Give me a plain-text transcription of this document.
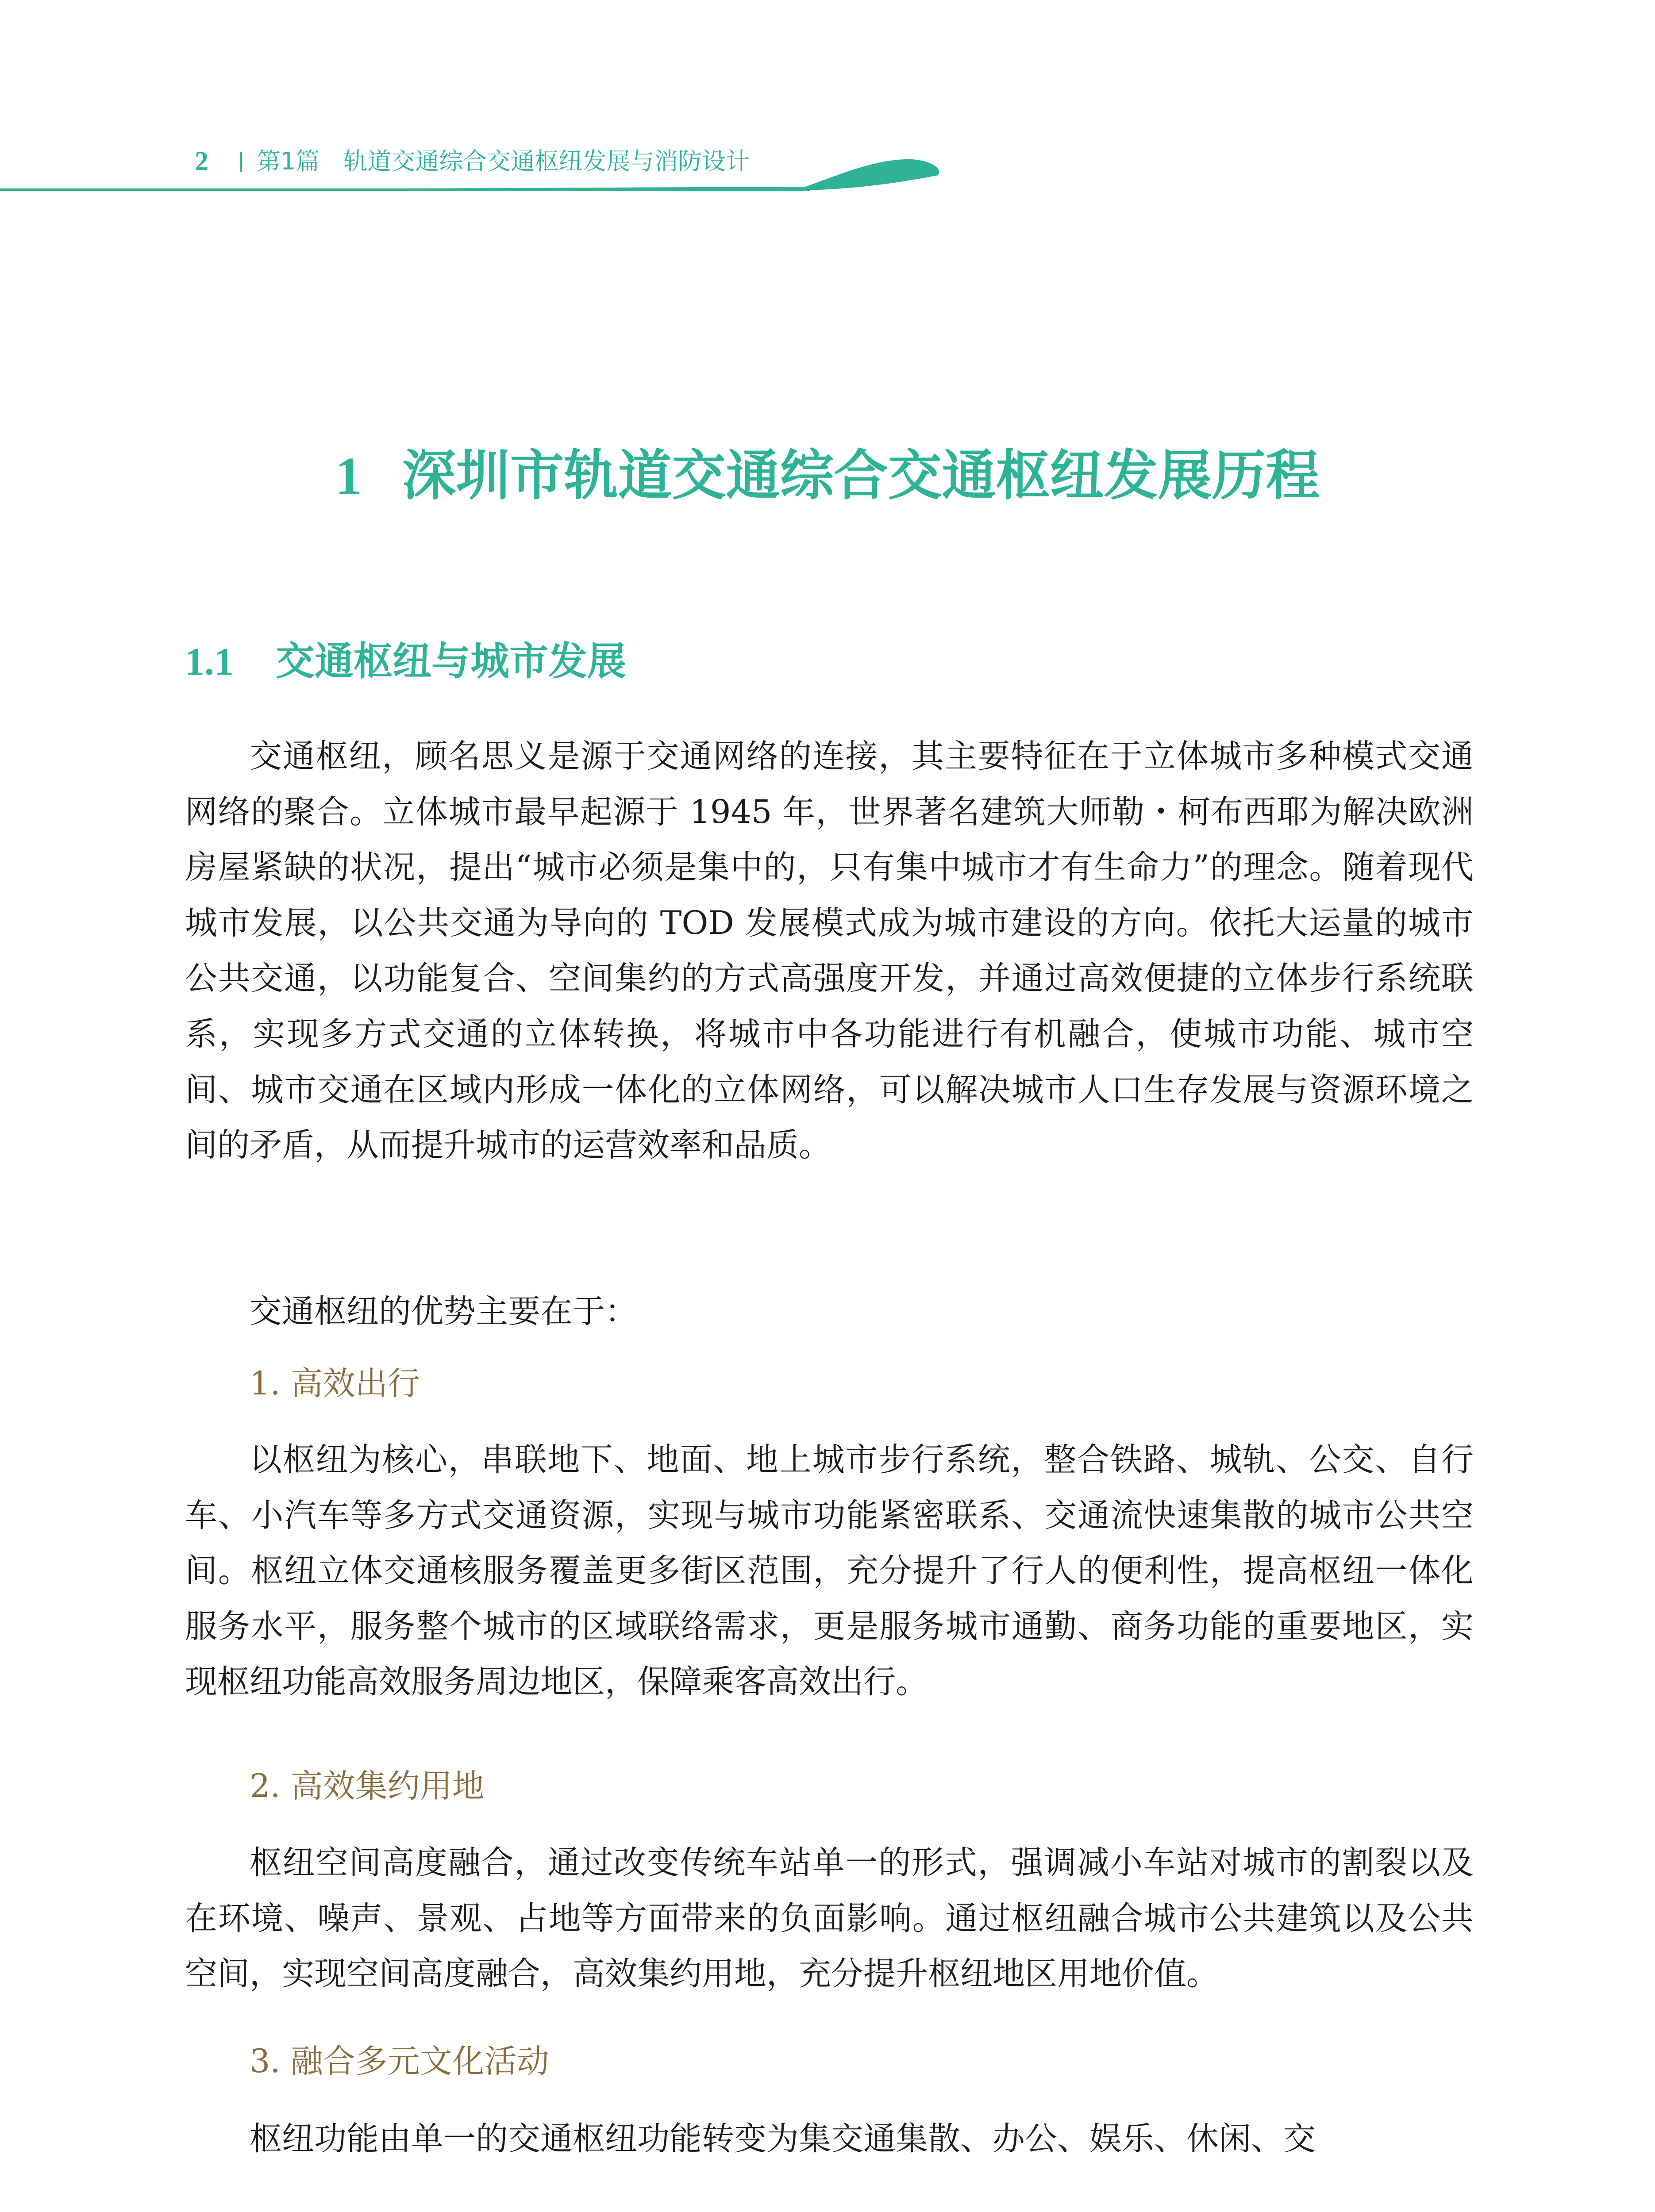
2 第1篇　轨道交通综合交通枢纽发展与消防设计
1 深圳市轨道交通综合交通枢纽发展历程
1.1 交通枢纽与城市发展

交通枢纽，顾名思义是源于交通网络的连接，其主要特征在于立体城市多种模式交通网络的聚合。立体城市最早起源于 1945 年，世界著名建筑大师勒・柯布西耶为解决欧洲房屋紧缺的状况，提出“城市必须是集中的，只有集中城市才有生命力”的理念。随着现代城市发展，以公共交通为导向的 TOD 发展模式成为城市建设的方向。依托大运量的城市公共交通，以功能复合、空间集约的方式高强度开发，并通过高效便捷的立体步行系统联系，实现多方式交通的立体转换，将城市中各功能进行有机融合，使城市功能、城市空间、城市交通在区域内形成一体化的立体网络，可以解决城市人口生存发展与资源环境之间的矛盾，从而提升城市的运营效率和品质。

交通枢纽的优势主要在于：

1. 高效出行

以枢纽为核心，串联地下、地面、地上城市步行系统，整合铁路、城轨、公交、自行车、小汽车等多方式交通资源，实现与城市功能紧密联系、交通流快速集散的城市公共空间。枢纽立体交通核服务覆盖更多街区范围，充分提升了行人的便利性，提高枢纽一体化服务水平，服务整个城市的区域联络需求，更是服务城市通勤、商务功能的重要地区，实现枢纽功能高效服务周边地区，保障乘客高效出行。

2. 高效集约用地

枢纽空间高度融合，通过改变传统车站单一的形式，强调减小车站对城市的割裂以及在环境、噪声、景观、占地等方面带来的负面影响。通过枢纽融合城市公共建筑以及公共空间，实现空间高度融合，高效集约用地，充分提升枢纽地区用地价值。

3. 融合多元文化活动

枢纽功能由单一的交通枢纽功能转变为集交通集散、办公、娱乐、休闲、交
